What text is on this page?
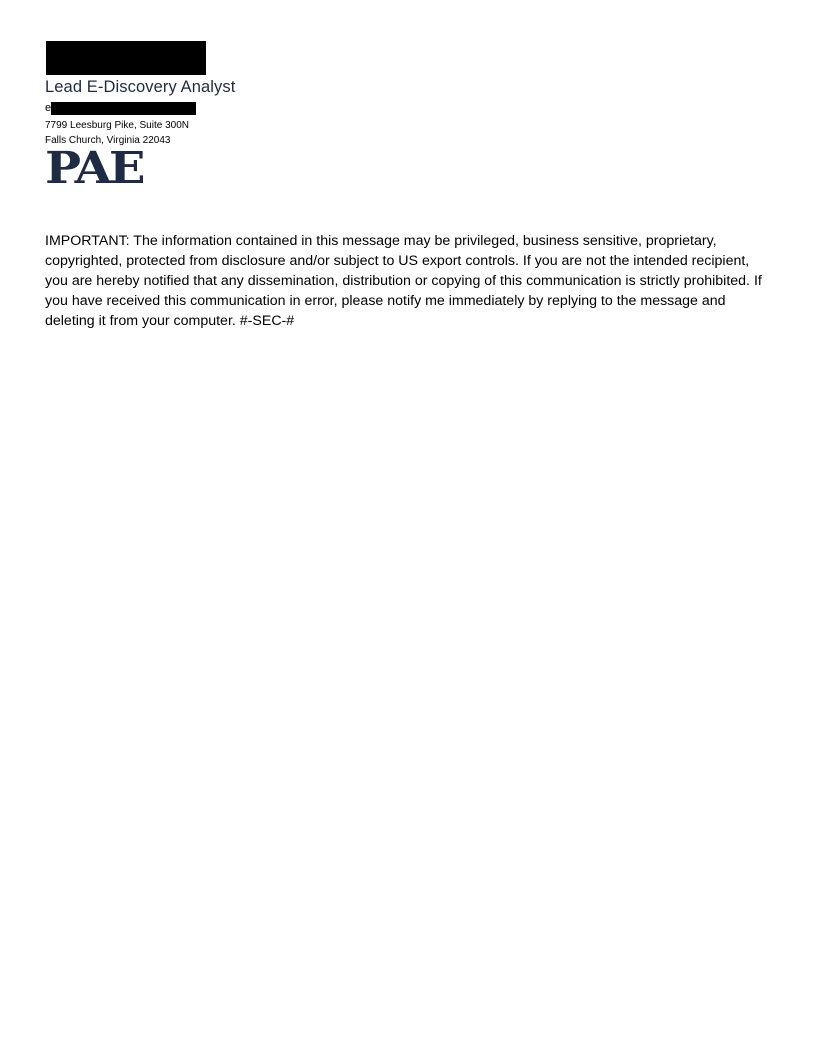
Lead E-Discovery Analyst
e
7799 Leesburg Pike, Suite 300N
Falls Church, Virginia 22043
PAE
IMPORTANT: The information contained in this message may be privileged, business sensitive, proprietary, copyrighted, protected from disclosure and/or subject to US export controls. If you are not the intended recipient, you are hereby notified that any dissemination, distribution or copying of this communication is strictly prohibited. If you have received this communication in error, please notify me immediately by replying to the message and deleting it from your computer. #-SEC-#
